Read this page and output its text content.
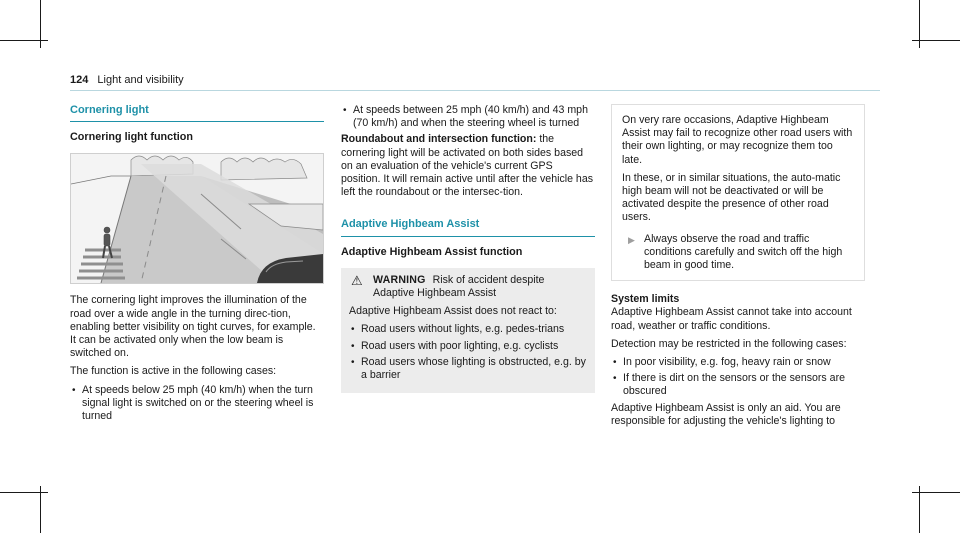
124 Light and visibility
Cornering light
Cornering light function

The cornering light improves the illumination of the road over a wide angle in the turning direc-tion, enabling better visibility on tight curves, for example. It can be activated only when the low beam is switched on.

The function is active in the following cases:

• At speeds below 25 mph (40 km/h) when the turn signal light is switched on or the steering wheel is turned
• At speeds between 25 mph (40 km/h) and 43 mph (70 km/h) and when the steering wheel is turned

Roundabout and intersection function: the cornering light will be activated on both sides based on an evaluation of the vehicle's current GPS position. It will remain active until after the vehicle has left the roundabout or the intersec-tion.

Adaptive Highbeam Assist
Adaptive Highbeam Assist function
⚠ WARNING Risk of accident despite Adaptive Highbeam Assist

Adaptive Highbeam Assist does not react to:

• Road users without lights, e.g. pedes-trians
• Road users with poor lighting, e.g. cyclists
• Road users whose lighting is obstructed, e.g. by a barrier

On very rare occasions, Adaptive Highbeam Assist may fail to recognize other road users with their own lighting, or may recognize them too late.

In these, or in similar situations, the auto-matic high beam will not be deactivated or will be activated despite the presence of other road users.

▶ Always observe the road and traffic conditions carefully and switch off the high beam in good time.
System limits

Adaptive Highbeam Assist cannot take into account road, weather or traffic conditions.

Detection may be restricted in the following cases:

• In poor visibility, e.g. fog, heavy rain or snow
• If there is dirt on the sensors or the sensors are obscured

Adaptive Highbeam Assist is only an aid. You are responsible for adjusting the vehicle's lighting to
